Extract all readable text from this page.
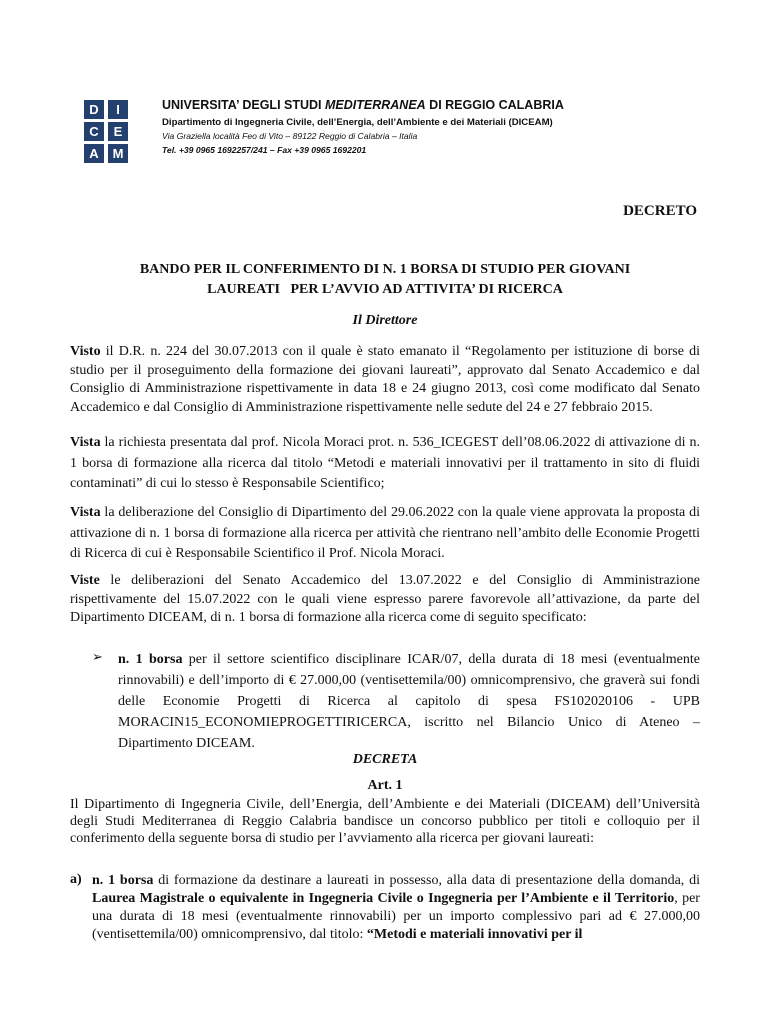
D	I
C	E
A	M
UNIVERSITA’ DEGLI STUDI MEDITERRANEA DI REGGIO CALABRIA
Dipartimento di Ingegneria Civile, dell’Energia, dell’Ambiente e dei Materiali (DICEAM)
Via Graziella località Feo di Vito – 89122 Reggio di Calabria – Italia
Tel. +39 0965 1692257/241 – Fax +39 0965 1692201
DECRETO
BANDO PER IL CONFERIMENTO DI N. 1 BORSA DI STUDIO PER GIOVANI
LAUREATI   PER L’AVVIO AD ATTIVITA’ DI RICERCA
Il Direttore
Visto il D.R. n. 224 del 30.07.2013 con il quale è stato emanato il “Regolamento per istituzione di borse di studio per il proseguimento della formazione dei giovani laureati”, approvato dal Senato Accademico e dal Consiglio di Amministrazione rispettivamente in data 18 e 24 giugno 2013, così come modificato dal Senato Accademico e dal Consiglio di Amministrazione rispettivamente nelle sedute del 24 e 27 febbraio 2015.
Vista la richiesta presentata dal prof. Nicola Moraci prot. n. 536_ICEGEST dell’08.06.2022 di attivazione di n. 1 borsa di formazione alla ricerca dal titolo “Metodi e materiali innovativi per il trattamento in sito di fluidi contaminati” di cui lo stesso è Responsabile Scientifico;
Vista la deliberazione del Consiglio di Dipartimento del 29.06.2022 con la quale viene approvata la proposta di attivazione di n. 1 borsa di formazione alla ricerca per attività che rientrano nell’ambito delle Economie Progetti di Ricerca di cui è Responsabile Scientifico il Prof. Nicola Moraci.
Viste le deliberazioni del Senato Accademico del 13.07.2022 e del Consiglio di Amministrazione rispettivamente del 15.07.2022 con le quali viene espresso parere favorevole all’attivazione, da parte del Dipartimento DICEAM, di n. 1 borsa di formazione alla ricerca come di seguito specificato:
➢ n. 1 borsa per il settore scientifico disciplinare ICAR/07, della durata di 18 mesi (eventualmente rinnovabili) e dell’importo di € 27.000,00 (ventisettemila/00) omnicomprensivo, che graverà sui fondi delle Economie Progetti di Ricerca al capitolo di spesa FS102020106 - UPB MORACIN15_ECONOMIEPROGETTIRICERCA, iscritto nel Bilancio Unico di Ateneo – Dipartimento DICEAM.
DECRETA
Art. 1
Il Dipartimento di Ingegneria Civile, dell’Energia, dell’Ambiente e dei Materiali (DICEAM) dell’Università degli Studi Mediterranea di Reggio Calabria bandisce un concorso pubblico per titoli e colloquio per il conferimento della seguente borsa di studio per l’avviamento alla ricerca per giovani laureati:
a) n. 1 borsa di formazione da destinare a laureati in possesso, alla data di presentazione della domanda, di Laurea Magistrale o equivalente in Ingegneria Civile o Ingegneria per l’Ambiente e il Territorio, per una durata di 18 mesi (eventualmente rinnovabili) per un importo complessivo pari ad € 27.000,00 (ventisettemila/00) omnicomprensivo, dal titolo: “Metodi e materiali innovativi per il
